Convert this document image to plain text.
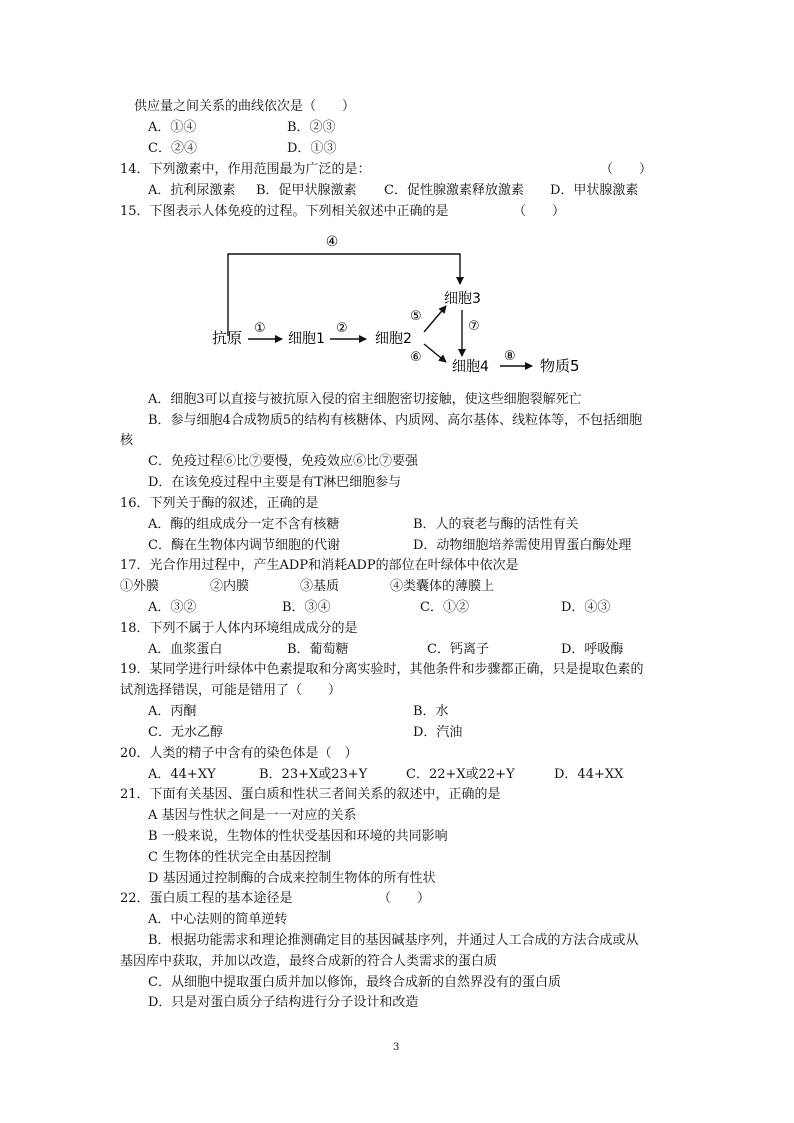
供应量之间关系的曲线依次是（　　）
A．①④	B．②③
C．②④	D．①③
14．下列激素中，作用范围最为广泛的是：	（　　）
A．抗利尿激素 B．促甲状腺激素 C．促性腺激素释放激素 D．甲状腺激素
15．下图表示人体免疫的过程。下列相关叙述中正确的是	（　　）
④
抗原
①
细胞1
②
细胞2
⑤
⑥
细胞3
⑦
细胞4
⑧
物质5
A．细胞3可以直接与被抗原入侵的宿主细胞密切接触，使这些细胞裂解死亡
B．参与细胞4合成物质5的结构有核糖体、内质网、高尔基体、线粒体等，不包括细胞
核
C．免疫过程⑥比⑦要慢，免疫效应⑥比⑦要强
D．在该免疫过程中主要是有T淋巴细胞参与
16．下列关于酶的叙述，正确的是
A．酶的组成成分一定不含有核糖	B．人的衰老与酶的活性有关
C．酶在生物体内调节细胞的代谢	D．动物细胞培养需使用胃蛋白酶处理
17．光合作用过程中，产生ADP和消耗ADP的部位在叶绿体中依次是
①外膜	②内膜	③基质	④类囊体的薄膜上
A．③②	B．③④	C．①②	D．④③
18．下列不属于人体内环境组成成分的是
A．血浆蛋白	B．葡萄糖	C．钙离子	D．呼吸酶
19．某同学进行叶绿体中色素提取和分离实验时，其他条件和步骤都正确，只是提取色素的
试剂选择错误，可能是错用了（　　）
A．丙酮	B．水
C．无水乙醇	D．汽油
20．人类的精子中含有的染色体是（　）
A．44+XY	B．23+X或23+Y	C．22+X或22+Y	D．44+XX
21．下面有关基因、蛋白质和性状三者间关系的叙述中，正确的是
A 基因与性状之间是一一对应的关系
B 一般来说，生物体的性状受基因和环境的共同影响
C 生物体的性状完全由基因控制
D 基因通过控制酶的合成来控制生物体的所有性状
22．蛋白质工程的基本途径是	（　　）
A．中心法则的简单逆转
B．根据功能需求和理论推测确定目的基因碱基序列，并通过人工合成的方法合成或从
基因库中获取，并加以改造，最终合成新的符合人类需求的蛋白质
C．从细胞中提取蛋白质并加以修饰，最终合成新的自然界没有的蛋白质
D．只是对蛋白质分子结构进行分子设计和改造
3
